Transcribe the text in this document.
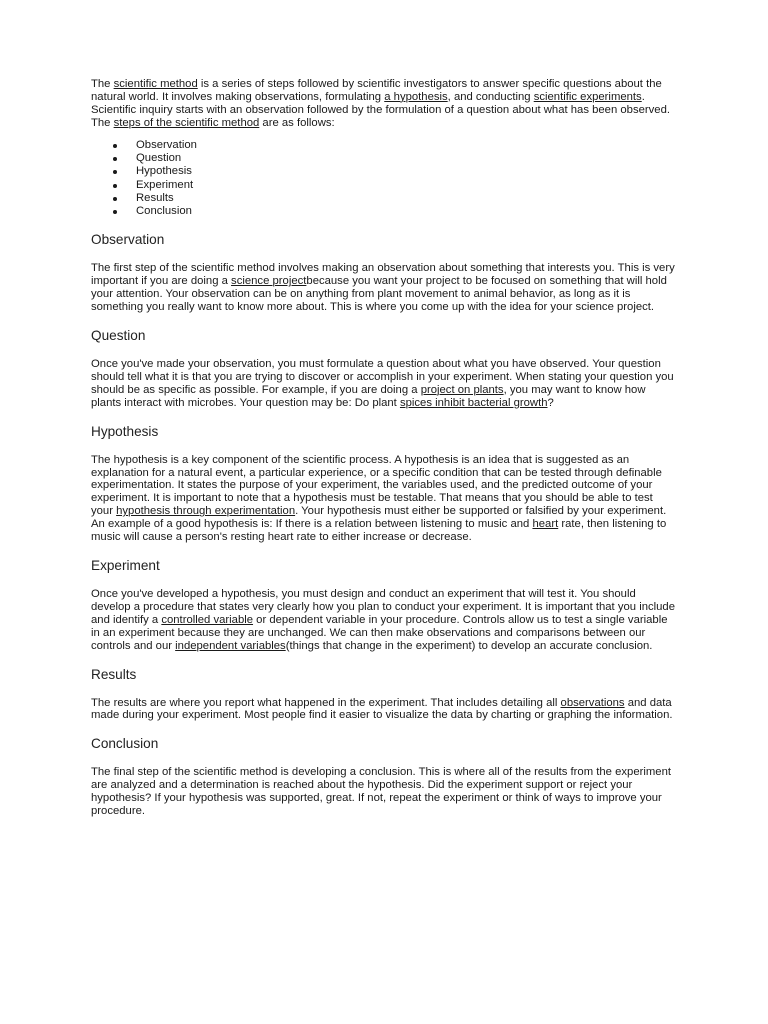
The scientific method is a series of steps followed by scientific investigators to answer specific questions about the natural world. It involves making observations, formulating a hypothesis, and conducting scientific experiments. Scientific inquiry starts with an observation followed by the formulation of a question about what has been observed. The steps of the scientific method are as follows:

Observation
Question
Hypothesis
Experiment
Results
Conclusion
Observation

The first step of the scientific method involves making an observation about something that interests you. This is very important if you are doing a science projectbecause you want your project to be focused on something that will hold your attention. Your observation can be on anything from plant movement to animal behavior, as long as it is something you really want to know more about. This is where you come up with the idea for your science project.

Question

Once you've made your observation, you must formulate a question about what you have observed. Your question should tell what it is that you are trying to discover or accomplish in your experiment. When stating your question you should be as specific as possible. For example, if you are doing a project on plants, you may want to know how plants interact with microbes. Your question may be: Do plant spices inhibit bacterial growth?

Hypothesis

The hypothesis is a key component of the scientific process. A hypothesis is an idea that is suggested as an explanation for a natural event, a particular experience, or a specific condition that can be tested through definable experimentation. It states the purpose of your experiment, the variables used, and the predicted outcome of your experiment. It is important to note that a hypothesis must be testable. That means that you should be able to test your hypothesis through experimentation. Your hypothesis must either be supported or falsified by your experiment. An example of a good hypothesis is: If there is a relation between listening to music and heart rate, then listening to music will cause a person's resting heart rate to either increase or decrease.

Experiment

Once you've developed a hypothesis, you must design and conduct an experiment that will test it. You should develop a procedure that states very clearly how you plan to conduct your experiment. It is important that you include and identify a controlled variable or dependent variable in your procedure. Controls allow us to test a single variable in an experiment because they are unchanged. We can then make observations and comparisons between our controls and our independent variables(things that change in the experiment) to develop an accurate conclusion.

Results

The results are where you report what happened in the experiment. That includes detailing all observations and data made during your experiment. Most people find it easier to visualize the data by charting or graphing the information.

Conclusion

The final step of the scientific method is developing a conclusion. This is where all of the results from the experiment are analyzed and a determination is reached about the hypothesis. Did the experiment support or reject your hypothesis? If your hypothesis was supported, great. If not, repeat the experiment or think of ways to improve your procedure.
